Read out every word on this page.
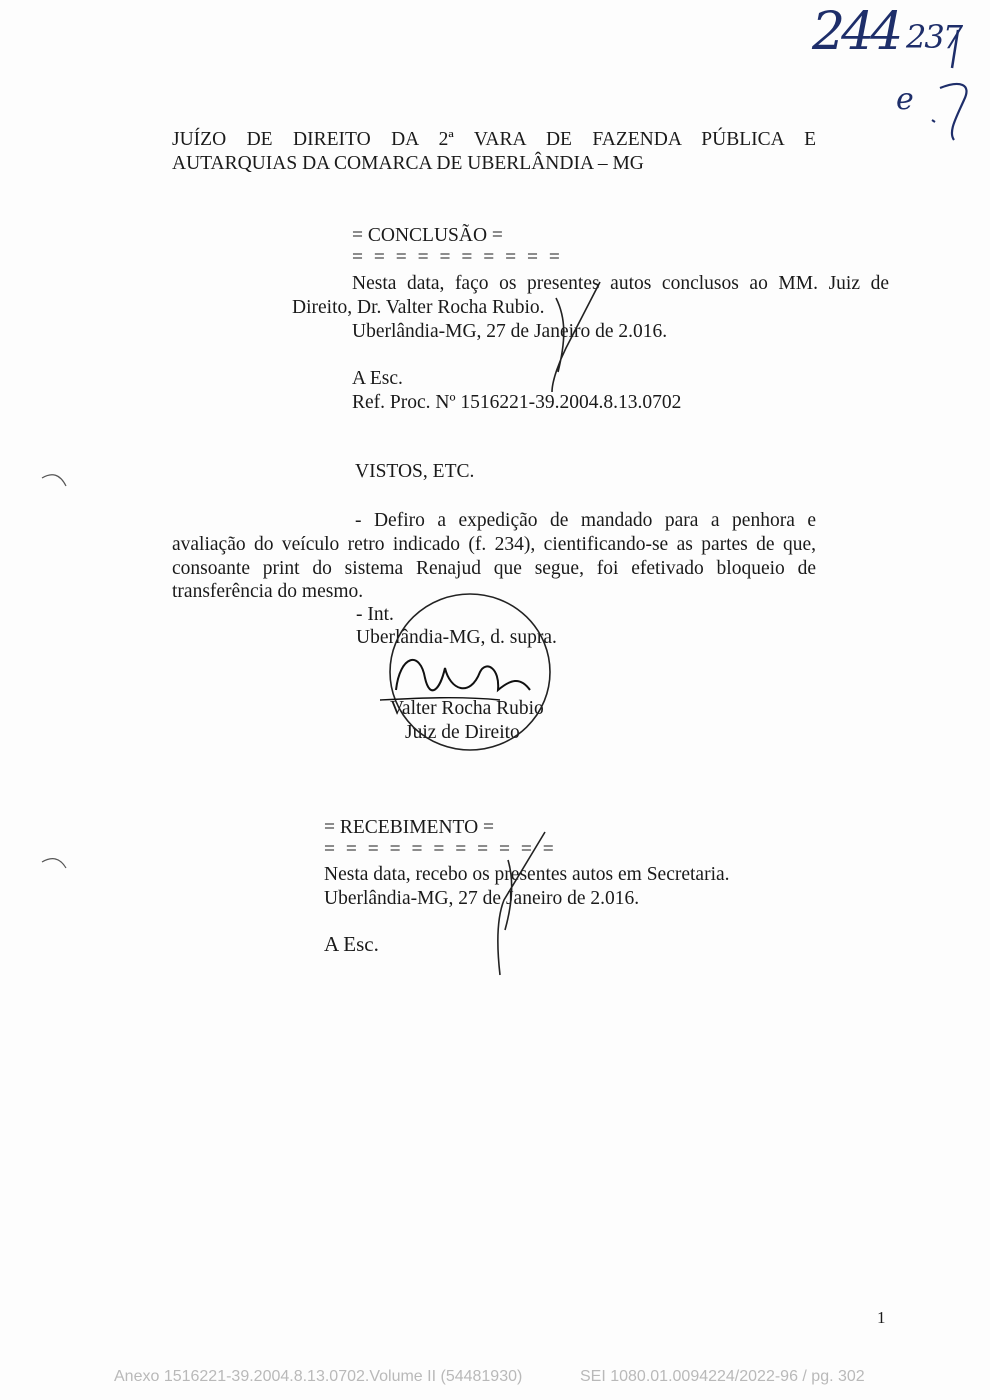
244 237
e
JUÍZO DE DIREITO DA 2ª VARA DE FAZENDA PÚBLICA E
AUTARQUIAS DA COMARCA DE UBERLÂNDIA – MG
= CONCLUSÃO =
= = = = = = = = = =
Nesta data, faço os presentes autos conclusos ao MM. Juiz de
Direito, Dr. Valter Rocha Rubio.
Uberlândia-MG, 27 de Janeiro de 2.016.
A Esc.
Ref. Proc. Nº 1516221-39.2004.8.13.0702
VISTOS, ETC.
- Defiro a expedição de mandado para a penhora e
avaliação do veículo retro indicado (f. 234), cientificando-se as partes de que,
consoante print do sistema Renajud que segue, foi efetivado bloqueio de
transferência do mesmo.
- Int.
Uberlândia-MG, d. supra.
Valter Rocha Rubio
Juiz de Direito
= RECEBIMENTO =
= = = = = = = = = = =
Nesta data, recebo os presentes autos em Secretaria.
Uberlândia-MG, 27 de Janeiro de 2.016.
A Esc.
1
Anexo 1516221-39.2004.8.13.0702.Volume II (54481930)	SEI 1080.01.0094224/2022-96 / pg. 302
